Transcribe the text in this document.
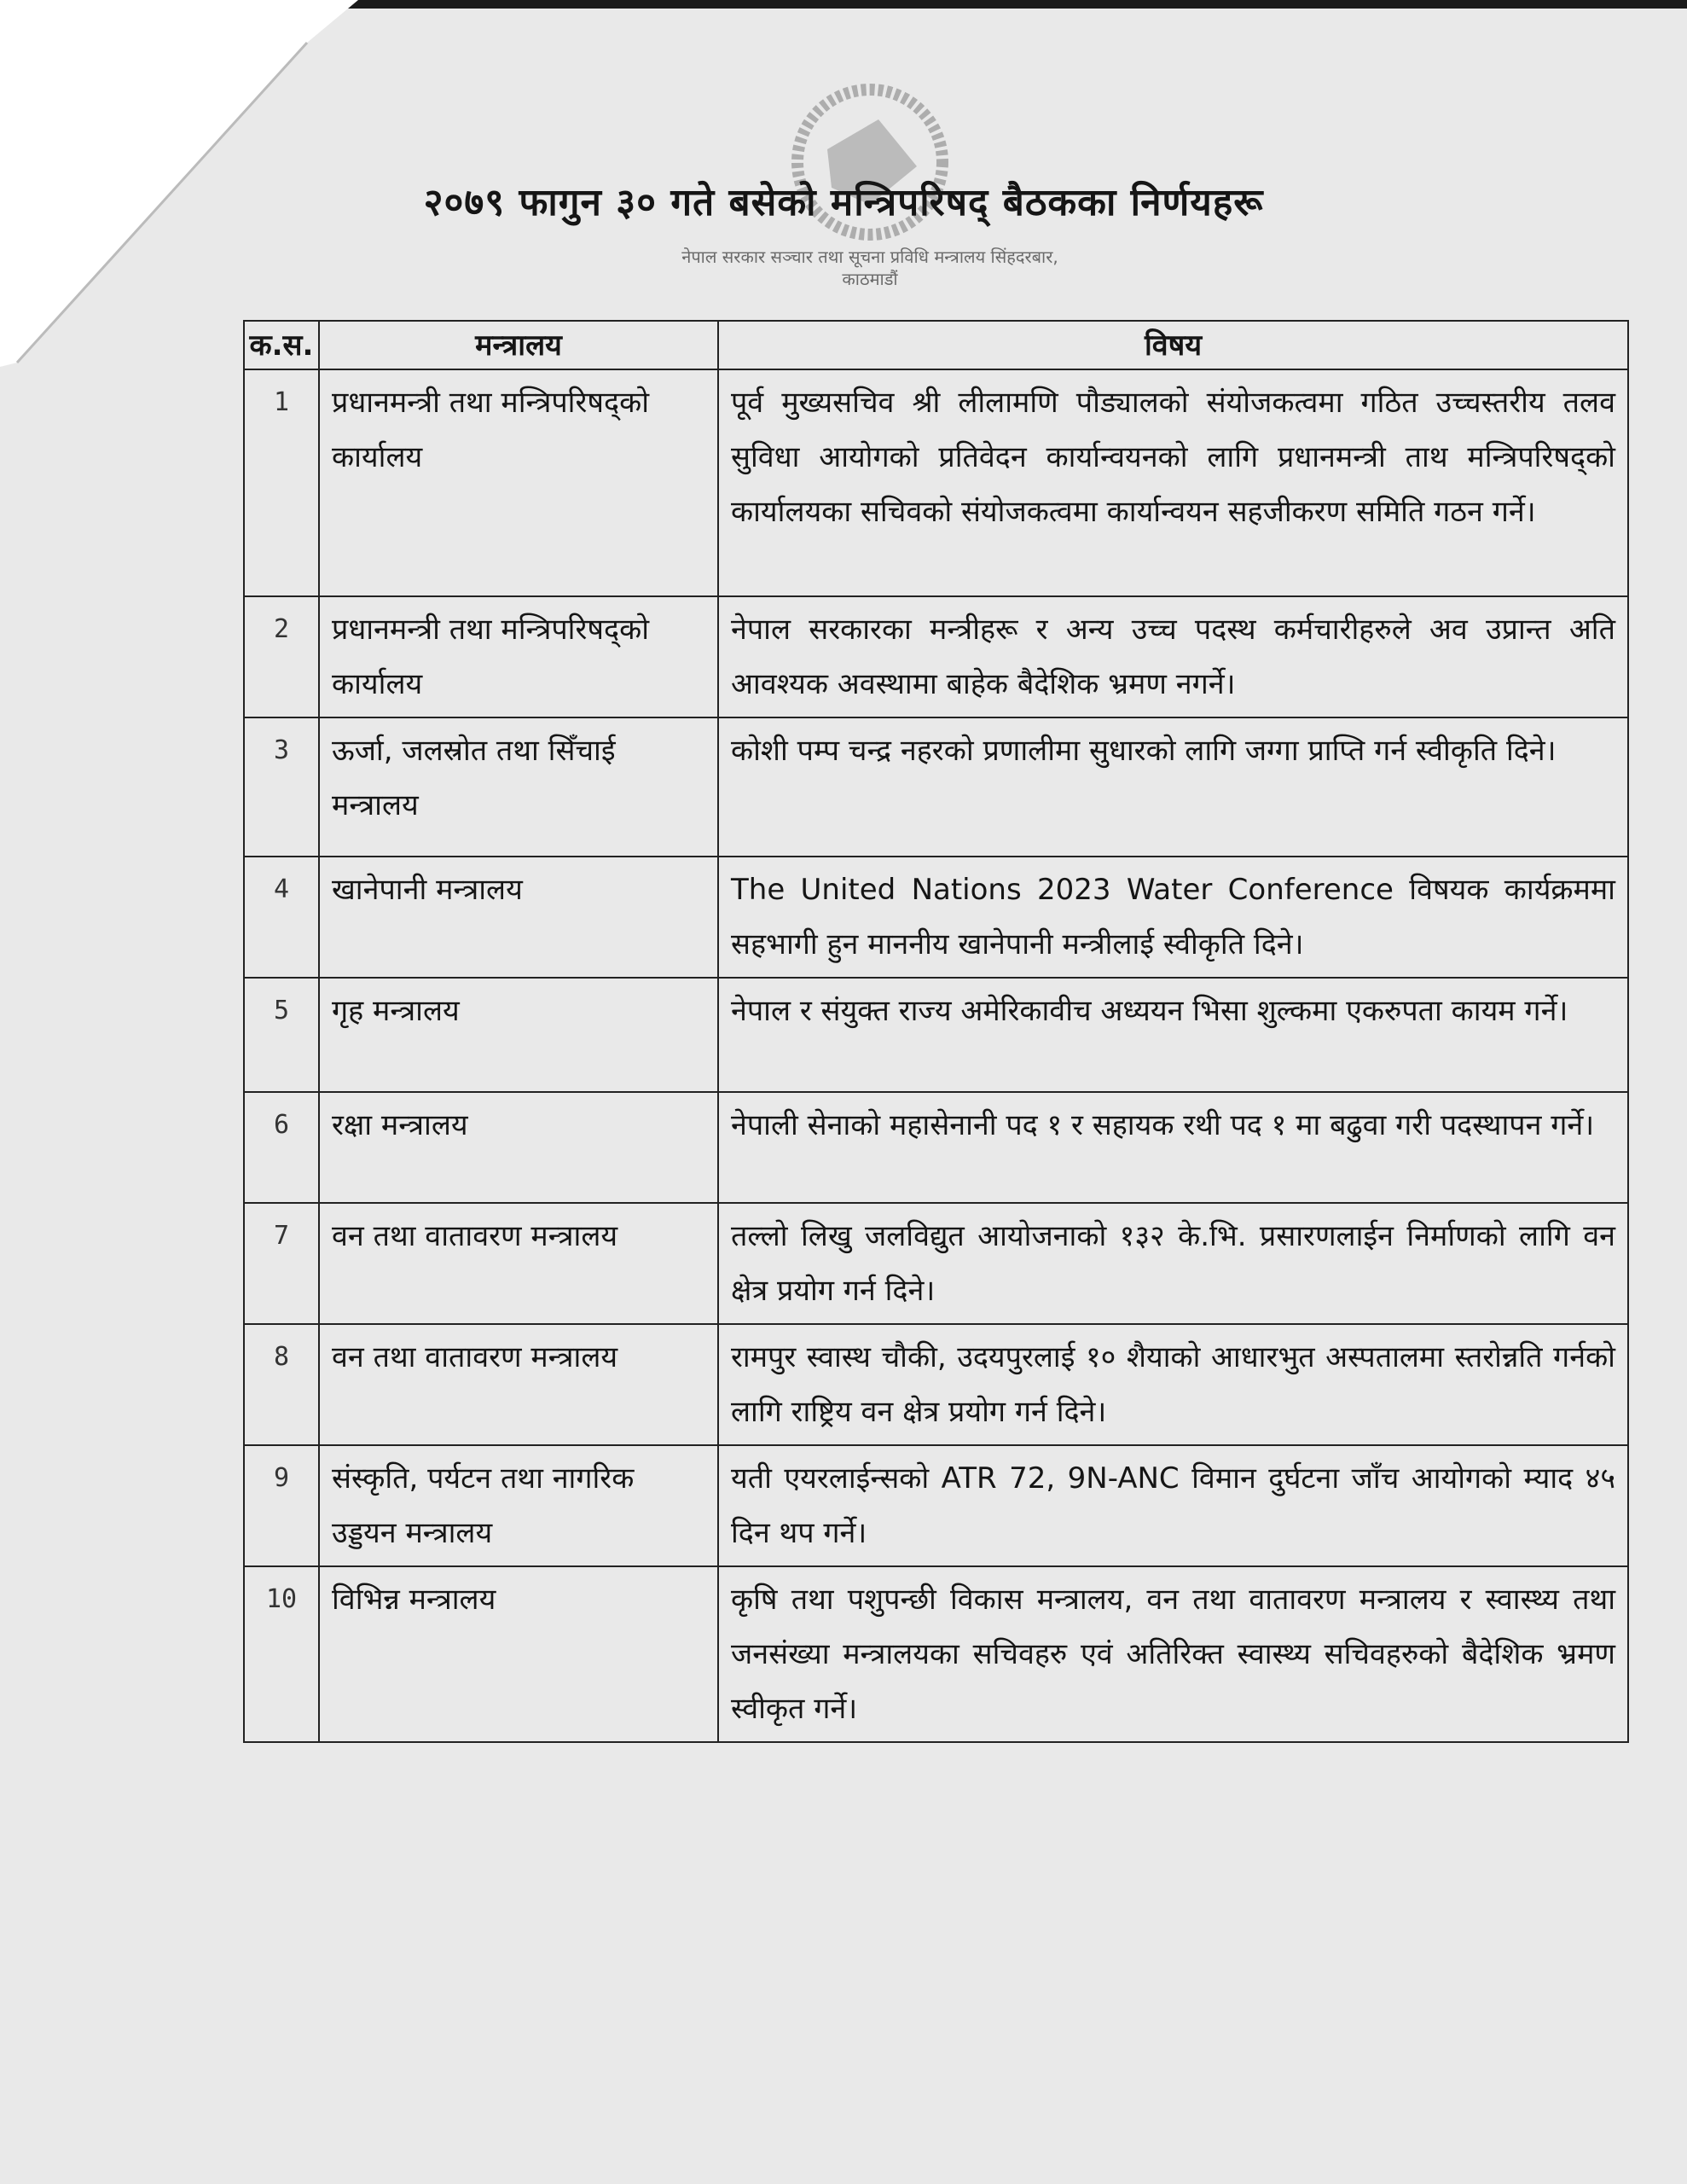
नेपाल सरकार सञ्चार तथा सूचना प्रविधि मन्त्रालय सिंहदरबार, काठमाडौं
२०७९ फागुन ३० गते बसेको मन्त्रिपरिषद् बैठकका निर्णयहरू
क.स.	मन्त्रालय	विषय
1	प्रधानमन्त्री तथा मन्त्रिपरिषद्को कार्यालय	पूर्व मुख्यसचिव श्री लीलामणि पौड्यालको संयोजकत्वमा गठित उच्चस्तरीय तलव सुविधा आयोगको प्रतिवेदन कार्यान्वयनको लागि प्रधानमन्त्री ताथ मन्त्रिपरिषद्को कार्यालयका सचिवको संयोजकत्वमा कार्यान्वयन सहजीकरण समिति गठन गर्ने।
2	प्रधानमन्त्री तथा मन्त्रिपरिषद्को कार्यालय	नेपाल सरकारका मन्त्रीहरू र अन्य उच्च पदस्थ कर्मचारीहरुले अव उप्रान्त अति आवश्यक अवस्थामा बाहेक बैदेशिक भ्रमण नगर्ने।
3	ऊर्जा, जलस्रोत तथा सिँचाई मन्त्रालय	कोशी पम्प चन्द्र नहरको प्रणालीमा सुधारको लागि जग्गा प्राप्ति गर्न स्वीकृति दिने।
4	खानेपानी मन्त्रालय	The United Nations 2023 Water Conference विषयक कार्यक्रममा सहभागी हुन माननीय खानेपानी मन्त्रीलाई स्वीकृति दिने।
5	गृह मन्त्रालय	नेपाल र संयुक्त राज्य अमेरिकावीच अध्ययन भिसा शुल्कमा एकरुपता कायम गर्ने।
6	रक्षा मन्त्रालय	नेपाली सेनाको महासेनानी पद १ र सहायक रथी पद १ मा बढुवा गरी पदस्थापन गर्ने।
7	वन तथा वातावरण मन्त्रालय	तल्लो लिखु जलविद्युत आयोजनाको १३२ के.भि. प्रसारणलाईन निर्माणको लागि वन क्षेत्र प्रयोग गर्न दिने।
8	वन तथा वातावरण मन्त्रालय	रामपुर स्वास्थ चौकी, उदयपुरलाई १० शैयाको आधारभुत अस्पतालमा स्तरोन्नति गर्नको लागि राष्ट्रिय वन क्षेत्र प्रयोग गर्न दिने।
9	संस्कृति, पर्यटन तथा नागरिक उड्डयन मन्त्रालय	यती एयरलाईन्सको ATR 72, 9N-ANC विमान दुर्घटना जाँच आयोगको म्याद ४५ दिन थप गर्ने।
10	विभिन्न मन्त्रालय	कृषि तथा पशुपन्छी विकास मन्त्रालय, वन तथा वातावरण मन्त्रालय र स्वास्थ्य तथा जनसंख्या मन्त्रालयका सचिवहरु एवं अतिरिक्त स्वास्थ्य सचिवहरुको बैदेशिक भ्रमण स्वीकृत गर्ने।
